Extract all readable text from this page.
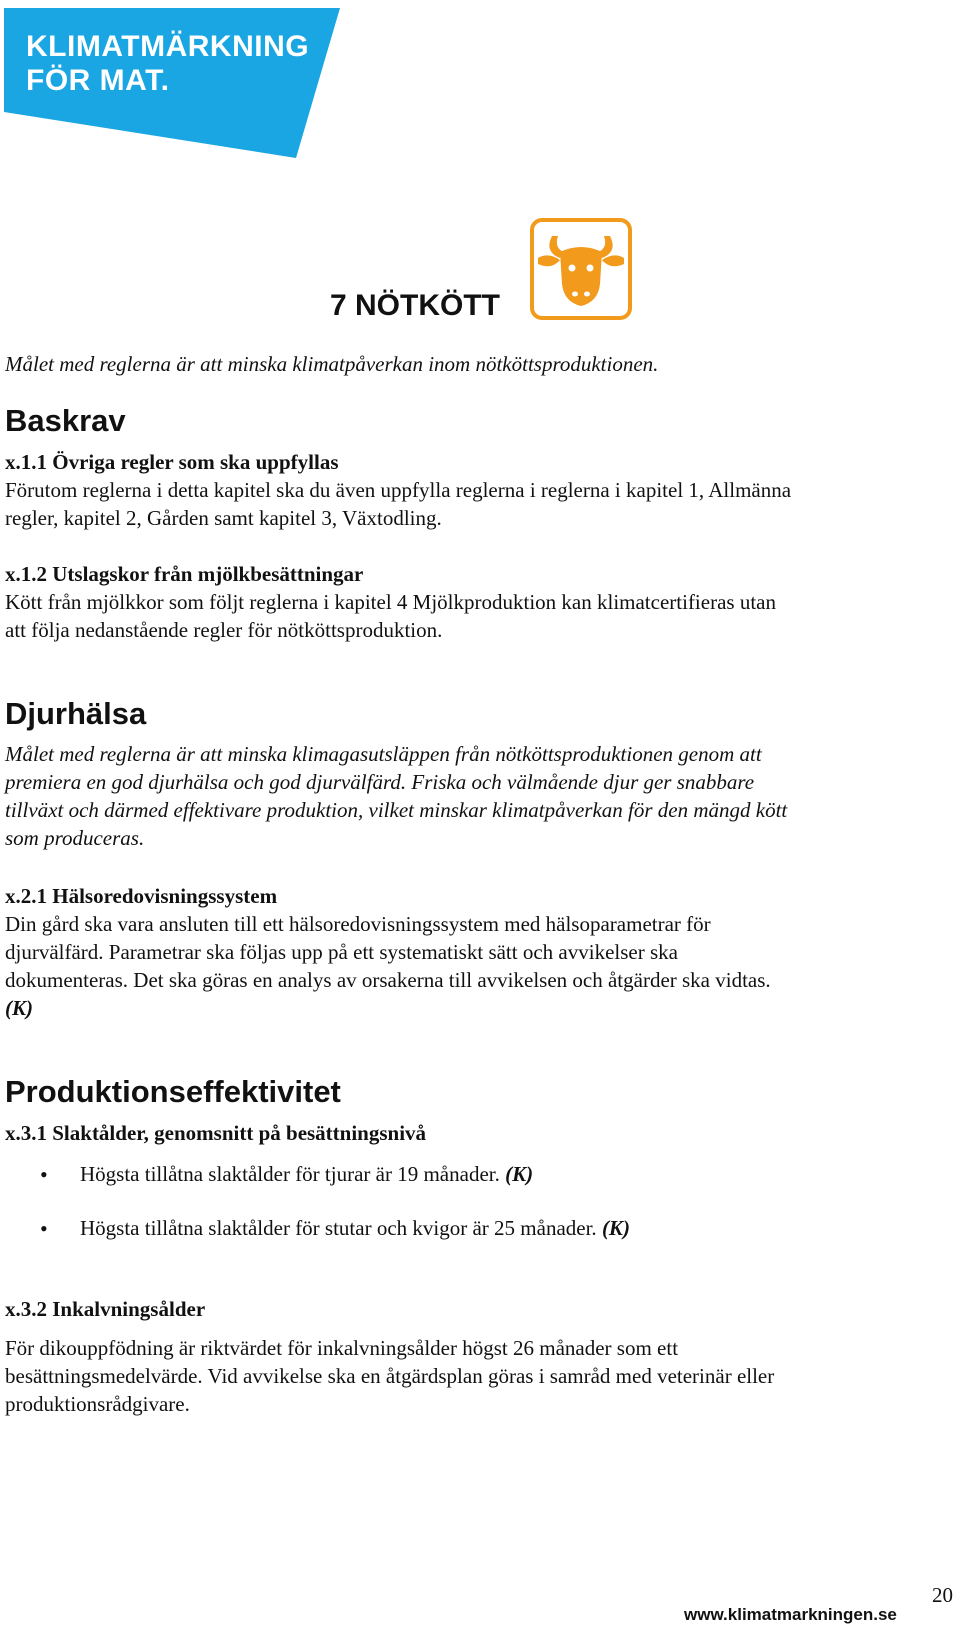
KLIMATMÄRKNING
FÖR MAT.
7 NÖTKÖTT
Målet med reglerna är att minska klimatpåverkan inom nötköttsproduktionen.
Baskrav
x.1.1 Övriga regler som ska uppfyllas
Förutom reglerna i detta kapitel ska du även uppfylla reglerna i reglerna i kapitel 1, Allmänna
regler, kapitel 2, Gården samt kapitel 3, Växtodling.
x.1.2 Utslagskor från mjölkbesättningar
Kött från mjölkkor som följt reglerna i kapitel 4 Mjölkproduktion kan klimatcertifieras utan
att följa nedanstående regler för nötköttsproduktion.
Djurhälsa
Målet med reglerna är att minska klimagasutsläppen från nötköttsproduktionen genom att
premiera en god djurhälsa och god djurvälfärd. Friska och välmående djur ger snabbare
tillväxt och därmed effektivare produktion, vilket minskar klimatpåverkan för den mängd kött
som produceras.
x.2.1 Hälsoredovisningssystem
Din gård ska vara ansluten till ett hälsoredovisningssystem med hälsoparametrar för
djurvälfärd. Parametrar ska följas upp på ett systematiskt sätt och avvikelser ska
dokumenteras. Det ska göras en analys av orsakerna till avvikelsen och åtgärder ska vidtas.
(K)
Produktionseffektivitet
x.3.1 Slaktålder, genomsnitt på besättningsnivå
• Högsta tillåtna slaktålder för tjurar är 19 månader. (K)
• Högsta tillåtna slaktålder för stutar och kvigor är 25 månader. (K)
x.3.2 Inkalvningsålder
För dikouppfödning är riktvärdet för inkalvningsålder högst 26 månader som ett
besättningsmedelvärde. Vid avvikelse ska en åtgärdsplan göras i samråd med veterinär eller
produktionsrådgivare.
www.klimatmarkningen.se
20
